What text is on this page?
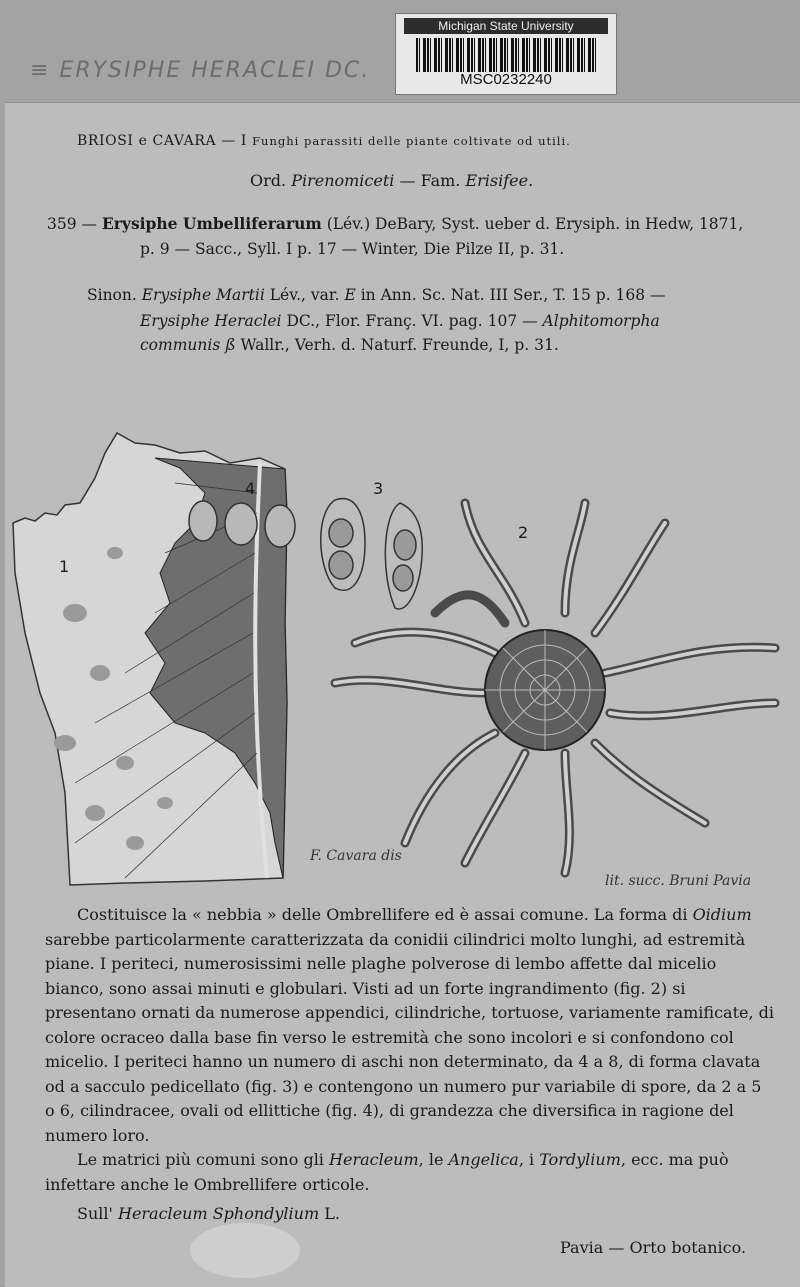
≡ ERYSIPHE HERACLEI DC.
Michigan State University
MSC0232240
BRIOSI e CAVARA — I Funghi parassiti delle piante coltivate od utili.
Ord. Pirenomiceti — Fam. Erisifee.
359 — Erysiphe Umbelliferarum (Lév.) DeBary, Syst. ueber d. Erysiph. in Hedw, 1871,
p. 9 — Sacc., Syll. I p. 17 — Winter, Die Pilze II, p. 31.
Sinon. Erysiphe Martii Lév., var. E in Ann. Sc. Nat. III Ser., T. 15 p. 168 —
Erysiphe Heraclei DC., Flor. Franç. VI. pag. 107 — Alphitomorpha
communis ß Wallr., Verh. d. Naturf. Freunde, I, p. 31.
1
2
3
4
F. Cavara dis
lit. succ. Bruni Pavia

Costituisce la « nebbia » delle Ombrellifere ed è assai comune. La forma di Oidium sarebbe particolarmente caratterizzata da conidii cilindrici molto lunghi, ad estremità piane. I periteci, numerosissimi nelle plaghe polverose di lembo affette dal micelio bianco, sono assai minuti e globulari. Visti ad un forte ingrandimento (fig. 2) si presentano ornati da numerose appendici, cilindriche, tortuose, variamente ramificate, di colore ocraceo dalla base fin verso le estremità che sono incolori e si confondono col micelio. I periteci hanno un numero di aschi non determinato, da 4 a 8, di forma clavata od a sacculo pedicellato (fig. 3) e contengono un numero pur variabile di spore, da 2 a 5 o 6, cilindracee, ovali od ellittiche (fig. 4), di grandezza che diversifica in ragione del numero loro.

Le matrici più comuni sono gli Heracleum, le Angelica, i Tordylium, ecc. ma può infettare anche le Ombrellifere orticole.

Sull' Heracleum Sphondylium L.
Pavia — Orto botanico.
